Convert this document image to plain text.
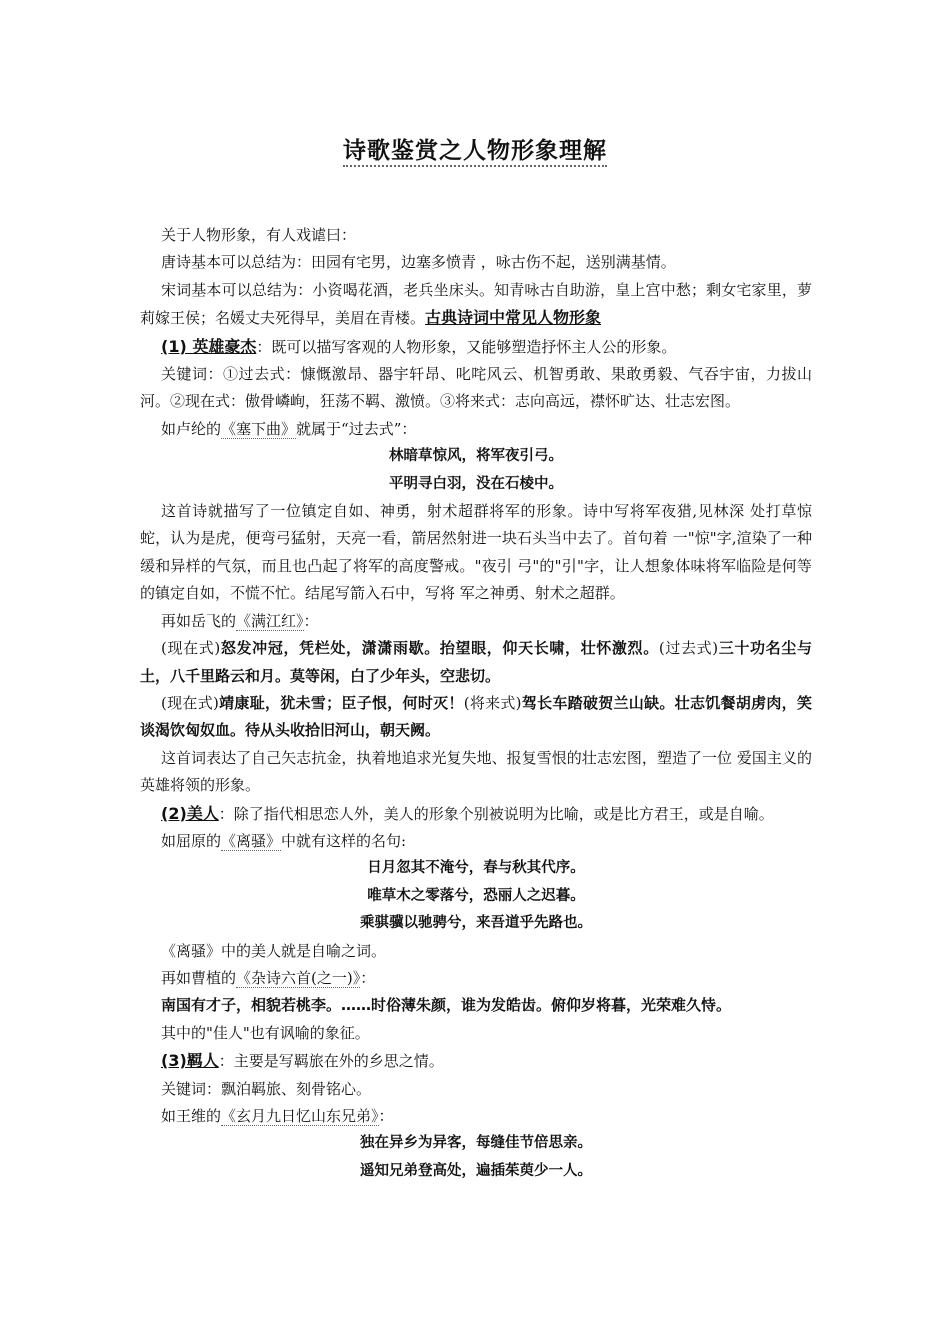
诗歌鉴赏之人物形象理解

关于人物形象，有人戏谑曰：

唐诗基本可以总结为：田园有宅男，边塞多愤青 ，咏古伤不起，送别满基情。

宋词基本可以总结为：小资喝花酒，老兵坐床头。知青咏古自助游，皇上宫中愁；剩女宅家里，萝莉嫁王侯；名媛丈夫死得早，美眉在青楼。古典诗词中常见人物形象

(1) 英雄豪杰：既可以描写客观的人物形象，又能够塑造抒怀主人公的形象。

关键词：①过去式：慷慨激昂、器宇轩昂、叱咤风云、机智勇敢、果敢勇毅、气吞宇宙，力拔山河。②现在式：傲骨嶙峋，狂荡不羁、激愤。③将来式：志向高远，襟怀旷达、壮志宏图。

如卢纶的《塞下曲》就属于“过去式”：

林暗草惊风，将军夜引弓。

平明寻白羽，没在石棱中。

这首诗就描写了一位镇定自如、神勇，射术超群将军的形象。诗中写将军夜猎,见林深 处打草惊蛇，认为是虎，便弯弓猛射，天亮一看，箭居然射进一块石头当中去了。首句着 一"惊"字,渲染了一种缓和异样的气氛，而且也凸起了将军的高度警戒。"夜引 弓"的"引"字，让人想象体味将军临险是何等的镇定自如，不慌不忙。结尾写箭入石中，写将 军之神勇、射术之超群。

再如岳飞的《满江红》：

(现在式)怒发冲冠，凭栏处，潇潇雨歇。抬望眼，仰天长啸，壮怀激烈。(过去式)三十功名尘与土，八千里路云和月。莫等闲，白了少年头，空悲切。

(现在式)靖康耻，犹未雪；臣子恨，何时灭！(将来式)驾长车踏破贺兰山缺。壮志饥餐胡虏肉，笑谈渴饮匈奴血。待从头收拾旧河山，朝天阙。

这首词表达了自己矢志抗金，执着地追求光复失地、报复雪恨的壮志宏图，塑造了一位 爱国主义的英雄将领的形象。

(2)美人：除了指代相思恋人外，美人的形象个别被说明为比喻，或是比方君王，或是自喻。

如屈原的《离骚》中就有这样的名句:

日月忽其不淹兮，春与秋其代序。

唯草木之零落兮，恐丽人之迟暮。

乘骐骥以驰骋兮，来吾道乎先路也。

《离骚》中的美人就是自喻之词。

再如曹植的《杂诗六首(之一)》：

南国有才子，相貌若桃李。……时俗薄朱颜，谁为发皓齿。俯仰岁将暮，光荣难久恃。

其中的"佳人"也有讽喻的象征。

(3)羁人：主要是写羁旅在外的乡思之情。

关键词：飘泊羁旅、刻骨铭心。

如王维的《玄月九日忆山东兄弟》：

独在异乡为异客，每缝佳节倍思亲。

遥知兄弟登高处，遍插茱萸少一人。
